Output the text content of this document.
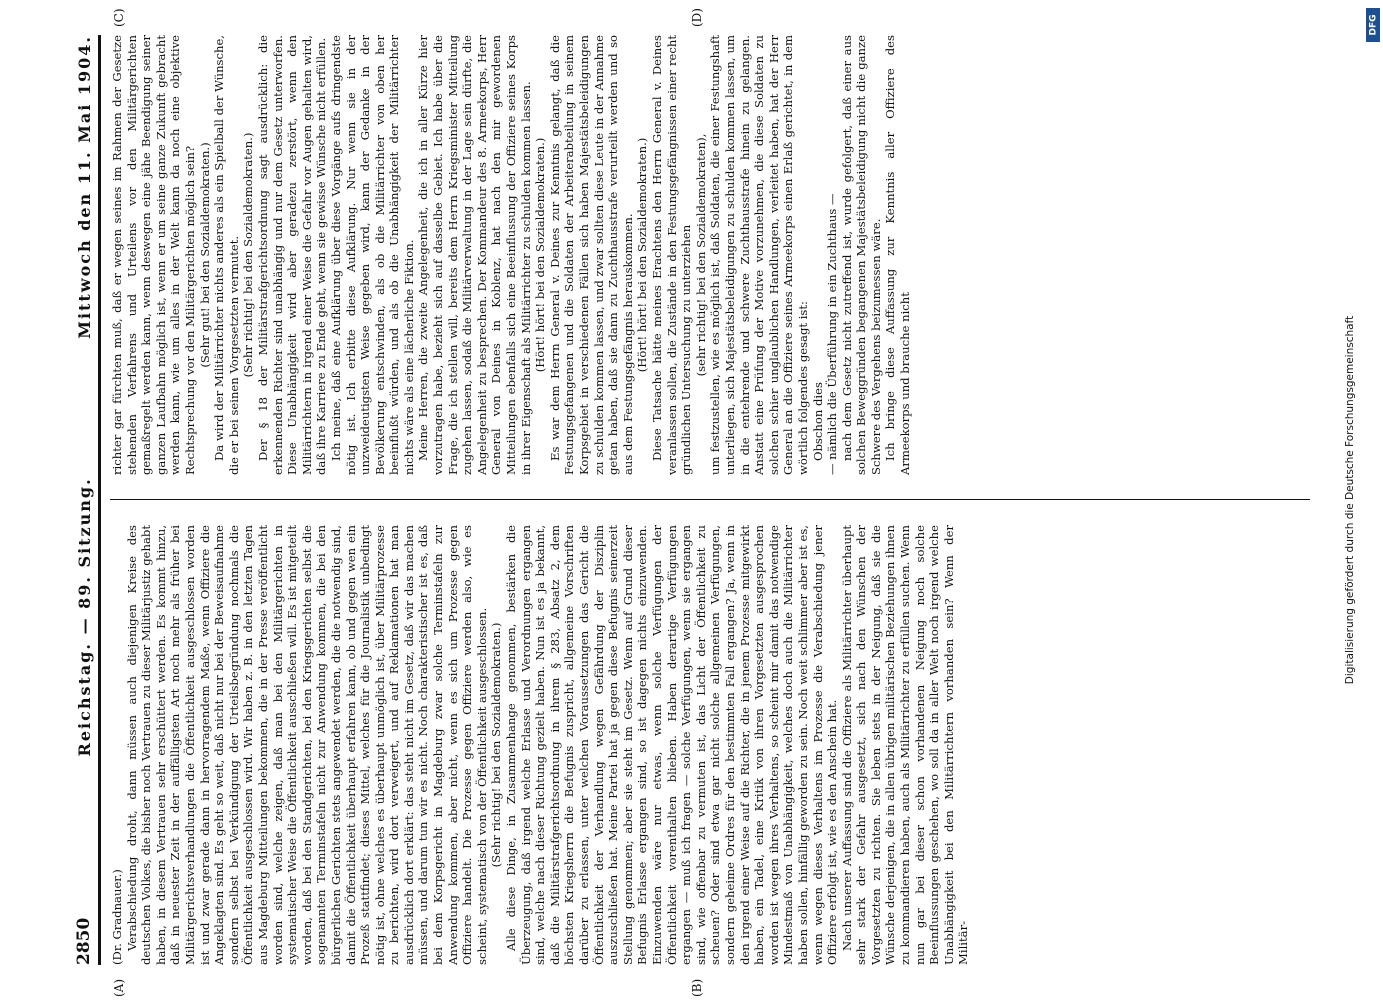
2850
Reichstag. — 89. Sitzung.
Mittwoch den 11. Mai 1904.
(A)	(B)
(C)	(D)

(Dr. Gradnauer.) Verabschiedung droht, dann müssen auch diejenigen Kreise des deutschen Volkes, die bisher noch Vertrauen zu dieser Militärjustiz gehabt haben, in diesem Vertrauen sehr erschüttert werden. Es kommt hinzu, daß in neuester Zeit in der auffälligsten Art noch mehr als früher bei Militärgerichtsverhandlungen die Öffentlichkeit ausgeschlossen worden ist und zwar gerade dann in hervorragendem Maße, wenn Offiziere die Angeklagten sind. Es geht so weit, daß nicht nur bei der Beweisaufnahme sondern selbst bei Verkündigung der Urteilsbegründung nochmals die Öffentlichkeit ausgeschlossen wird. Wir haben z. B. in den letzten Tagen aus Magdeburg Mitteilungen bekommen, die in der Presse veröffentlicht worden sind, welche zeigen, daß man bei den Militärgerichten in systematischer Weise die Öffentlichkeit ausschließen will. Es ist mitgeteilt worden, daß bei den Standgerichten, bei den Kriegsgerichten selbst die sogenannten Terminstafeln nicht zur Anwendung kommen, die bei den bürgerlichen Gerichten stets angewendet werden, die die notwendig sind, damit die Öffentlichkeit überhaupt erfahren kann, ob und gegen wen ein Prozeß stattfindet; dieses Mittel, welches für die Journalistik unbedingt nötig ist, ohne welches es überhaupt unmöglich ist, über Militärprozesse zu berichten, wird dort verweigert, und auf Reklamationen hat man ausdrücklich dort erklärt: das steht nicht im Gesetz, daß wir das machen müssen, und darum tun wir es nicht. Noch charakteristischer ist es, daß bei dem Korpsgericht in Magdeburg zwar solche Terminstafeln zur Anwendung kommen, aber nicht, wenn es sich um Prozesse gegen Offiziere handelt. Die Prozesse gegen Offiziere werden also, wie es scheint, systematisch von der Öffentlichkeit ausgeschlossen. (Sehr richtig! bei den Sozialdemokraten.) Alle diese Dinge, in Zusammenhange genommen, bestärken die Überzeugung, daß irgend welche Erlasse und Verordnungen ergangen sind, welche nach dieser Richtung gezielt haben. Nun ist es ja bekannt, daß die Militärstrafgerichtsordnung in ihrem § 283, Absatz 2, dem höchsten Kriegsherrn die Befugnis zuspricht, allgemeine Vorschriften darüber zu erlassen, unter welchen Voraussetzungen das Gericht die Öffentlichkeit der Verhandlung wegen Gefährdung der Disziplin auszuschließen hat. Meine Partei hat ja gegen diese Befugnis seinerzeit Stellung genommen; aber sie steht im Gesetz. Wenn auf Grund dieser Befugnis Erlasse ergangen sind, so ist dagegen nichts einzuwenden. Einzuwenden wäre nur etwas, wenn solche Verfügungen der Öffentlichkeit vorenthalten blieben. Haben derartige Verfügungen ergangen — muß ich fragen — solche Verfügungen, wenn sie ergangen sind, wie offenbar zu vermuten ist, das Licht der Öffentlichkeit zu scheuen? Oder sind etwa gar nicht solche allgemeinen Verfügungen, sondern geheime Ordres für den bestimmten Fall ergangen? Ja, wenn in den irgend einer Weise auf die Richter, die in jenem Prozesse mitgewirkt haben, ein Tadel, eine Kritik von ihren Vorgesetzten ausgesprochen worden ist wegen ihres Verhaltens, so scheint mir damit das notwendige Mindestmaß von Unabhängigkeit, welches doch auch die Militärrichter haben sollen, hinfällig geworden zu sein. Noch weit schlimmer aber ist es, wenn wegen dieses Verhaltens im Prozesse die Verabschiedung jener Offiziere erfolgt ist, wie es den Anschein hat. Nach unserer Auffassung sind die Offiziere als Militärrichter überhaupt sehr stark der Gefahr ausgesetzt, sich nach den Wünschen der Vorgesetzten zu richten. Sie leben stets in der Neigung, daß sie die Wünsche derjenigen, die in allen übrigen militärischen Beziehungen ihnen zu kommandieren haben, auch als Militärrichter zu erfüllen suchen. Wenn nun gar bei dieser schon vorhandenen Neigung noch solche Beeinflussungen geschehen, wo soll da in aller Welt noch irgend welche Unabhängigkeit bei den Militärrichtern vorhanden sein? Wenn der Militär-

richter gar fürchten muß, daß er wegen seines im Rahmen der Gesetze stehenden Verfahrens und Urteilens vor den Militärgerichten gemaßregelt werden kann, wenn deswegen eine jähe Beendigung seiner ganzen Laufbahn möglich ist, wenn er um seine ganze Zukunft gebracht werden kann, wie um alles in der Welt kann da noch eine objektive Rechtsprechung vor den Militärgerichten möglich sein? (Sehr gut! bei den Sozialdemokraten.) Da wird der Militärrichter nichts anderes als ein Spielball der Wünsche, die er bei seinen Vorgesetzten vermutet. (Sehr richtig! bei den Sozialdemokraten.) Der § 18 der Militärstrafgerichtsordnung sagt ausdrücklich: die erkennenden Richter sind unabhängig und nur dem Gesetz unterworfen. Diese Unabhängigkeit wird aber geradezu zerstört, wenn den Militärrichtern in irgend einer Weise die Gefahr vor Augen gehalten wird, daß ihre Karriere zu Ende geht, wenn sie gewisse Wünsche nicht erfüllen. Ich meine, daß eine Aufklärung über diese Vorgänge aufs dringendste nötig ist. Ich erbitte diese Aufklärung. Nur wenn sie in der unzweideutigsten Weise gegeben wird, kann der Gedanke in der Bevölkerung entschwinden, als ob die Militärrichter von oben her beeinflußt würden, und als ob die Unabhängigkeit der Militärrichter nichts wäre als eine lächerliche Fiktion. Meine Herren, die zweite Angelegenheit, die ich in aller Kürze hier vorzutragen habe, bezieht sich auf dasselbe Gebiet. Ich habe über die Frage, die ich stellen will, bereits dem Herrn Kriegsminister Mitteilung zugehen lassen, sodaß die Militärverwaltung in der Lage sein dürfte, die Angelegenheit zu besprechen. Der Kommandeur des 8. Armeekorps, Herr General von Deines in Koblenz, hat nach den mir gewordenen Mitteilungen ebenfalls sich eine Beeinflussung der Offiziere seines Korps in ihrer Eigenschaft als Militärrichter zu schulden kommen lassen. (Hört! hört! bei den Sozialdemokraten.) Es war dem Herrn General v. Deines zur Kenntnis gelangt, daß die Festungsgefangenen und die Soldaten der Arbeiterabteilung in seinem Korpsgebiet in verschiedenen Fällen sich haben Majestätsbeleidigungen zu schulden kommen lassen, und zwar sollten diese Leute in der Annahme getan haben, daß sie dann zu Zuchthausstrafe verurteilt werden und so aus dem Festungsgefängnis herauskommen. (Hört! hört! bei den Sozialdemokraten.) Diese Tatsache hätte meines Erachtens den Herrn General v. Deines veranlassen sollen, die Zustände in den Festungsgefängnissen einer recht gründlichen Untersuchung zu unterziehen (sehr richtig! bei den Sozialdemokraten), um festzustellen, wie es möglich ist, daß Soldaten, die einer Festungshaft unterliegen, sich Majestätsbeleidigungen zu schulden kommen lassen, um in die entehrende und schwere Zuchthausstrafe hinein zu gelangen. Anstatt eine Prüfung der Motive vorzunehmen, die diese Soldaten zu solchen schier unglaublichen Handlungen, verleitet haben, hat der Herr General an die Offiziere seines Armeekorps einen Erlaß gerichtet, in dem wörtlich folgendes gesagt ist: Obschon dies — nämlich die Überführung in ein Zuchthaus — nach dem Gesetz nicht zutreffend ist, wurde gefolgert, daß einer aus solchen Beweggründen begangenen Majestätsbeleidigung nicht die ganze Schwere des Vergehens beizumessen wäre. Ich bringe diese Auffassung zur Kenntnis aller Offiziere des Armeekorps und brauche nicht	Digitalisierung gefördert durch die Deutsche Forschungsgemeinschaft
DFG
